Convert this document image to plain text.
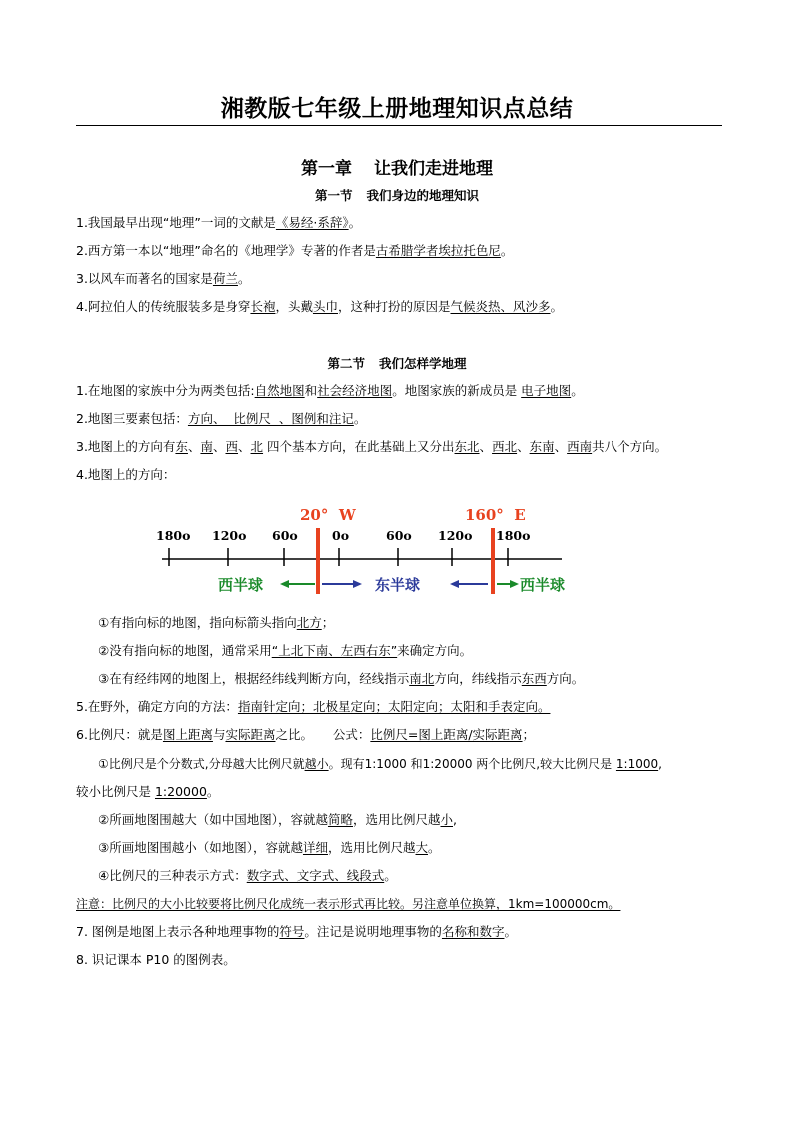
湘教版七年级上册地理知识点总结
第一章 让我们走进地理
第一节 我们身边的地理知识
1.我国最早出现“地理”一词的文献是《易经·系辞》。
2.西方第一本以“地理”命名的《地理学》专著的作者是古希腊学者埃拉托色尼。
3.以风车而著名的国家是荷兰。
4.阿拉伯人的传统服装多是身穿长袍，头戴头巾，这种打扮的原因是气候炎热、风沙多。
第二节 我们怎样学地理
1.在地图的家族中分为两类包括:自然地图和社会经济地图。地图家族的新成员是 电子地图。
2.地图三要素包括：方向、  比例尺  、图例和注记。
3.地图上的方向有东、南、西、北 四个基本方向，在此基础上又分出东北、西北、东南、西南共八个方向。
4.地图上的方向：
20°  W	160°  E
180o 120o 60o	0o	60o 120o 180o
西半球	东半球	西半球
①有指向标的地图，指向标箭头指向北方；
②没有指向标的地图，通常采用“上北下南、左西右东”来确定方向。
③在有经纬网的地图上，根据经纬线判断方向，经线指示南北方向，纬线指示东西方向。
5.在野外，确定方向的方法：指南针定向；北极星定向；太阳定向；太阳和手表定向。
6.比例尺：就是图上距离与实际距离之比。     公式：比例尺=图上距离/实际距离；
①比例尺是个分数式,分母越大比例尺就越小。现有1:1000 和1:20000 两个比例尺,较大比例尺是 1:1000,
较小比例尺是 1:20000。
②所画地图围越大（如中国地图），容就越简略，选用比例尺越小,
③所画地图围越小（如地图），容就越详细，选用比例尺越大。
④比例尺的三种表示方式：数字式、文字式、线段式。
注意：比例尺的大小比较要将比例尺化成统一表示形式再比较。另注意单位换算，1km=100000cm。
7. 图例是地图上表示各种地理事物的符号。注记是说明地理事物的名称和数字。
8. 识记课本 P10 的图例表。
